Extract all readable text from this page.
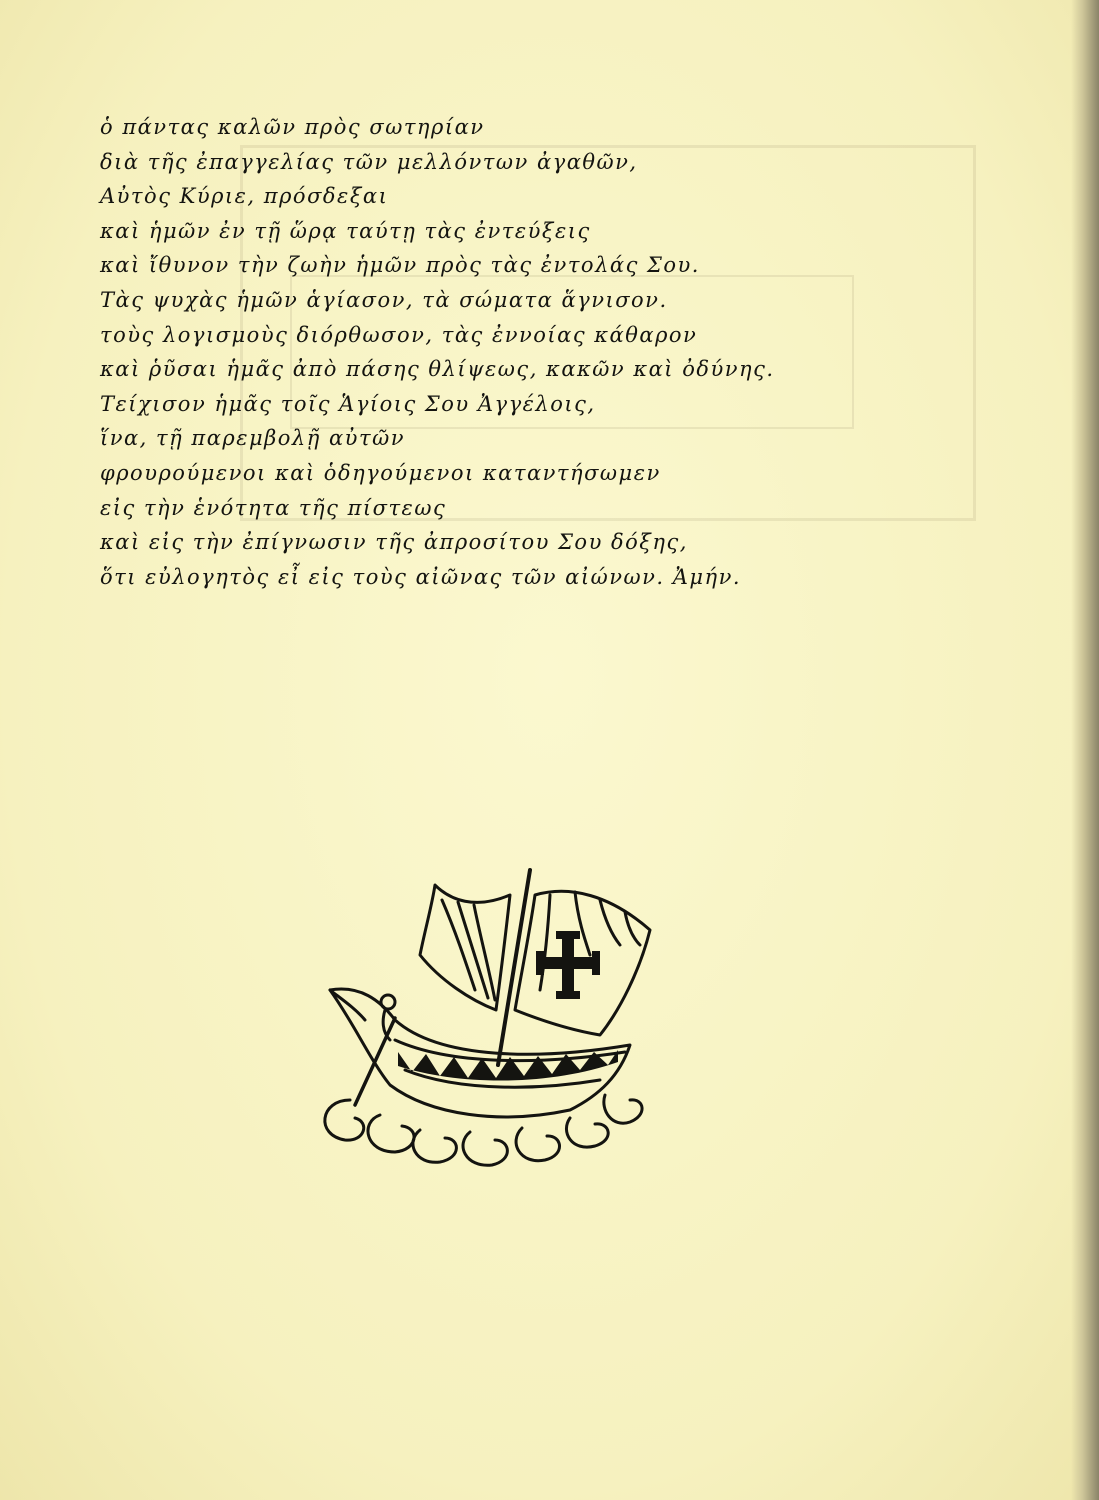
ὁ πάντας καλῶν πρὸς σωτηρίαν
διὰ τῆς ἐπαγγελίας τῶν μελλόντων ἀγαθῶν,
Αὐτὸς Κύριε, πρόσδεξαι
καὶ ἡμῶν ἐν τῇ ὥρᾳ ταύτῃ τὰς ἐντεύξεις
καὶ ἴθυνον τὴν ζωὴν ἡμῶν πρὸς τὰς ἐντολάς Σου.
Τὰς ψυχὰς ἡμῶν ἁγίασον, τὰ σώματα ἅγνισον.
τοὺς λογισμοὺς διόρθωσον, τὰς ἐννοίας κάθαρον
καὶ ῥῦσαι ἡμᾶς ἀπὸ πάσης θλίψεως, κακῶν καὶ ὀδύνης.
Τείχισον ἡμᾶς τοῖς Ἁγίοις Σου Ἀγγέλοις,
ἵνα, τῇ παρεμβολῇ αὐτῶν
φρουρούμενοι καὶ ὁδηγούμενοι καταντήσωμεν
εἰς τὴν ἑνότητα τῆς πίστεως
καὶ εἰς τὴν ἐπίγνωσιν τῆς ἀπροσίτου Σου δόξης,
ὅτι εὐλογητὸς εἶ εἰς τοὺς αἰῶνας τῶν αἰώνων. Ἀμήν.
